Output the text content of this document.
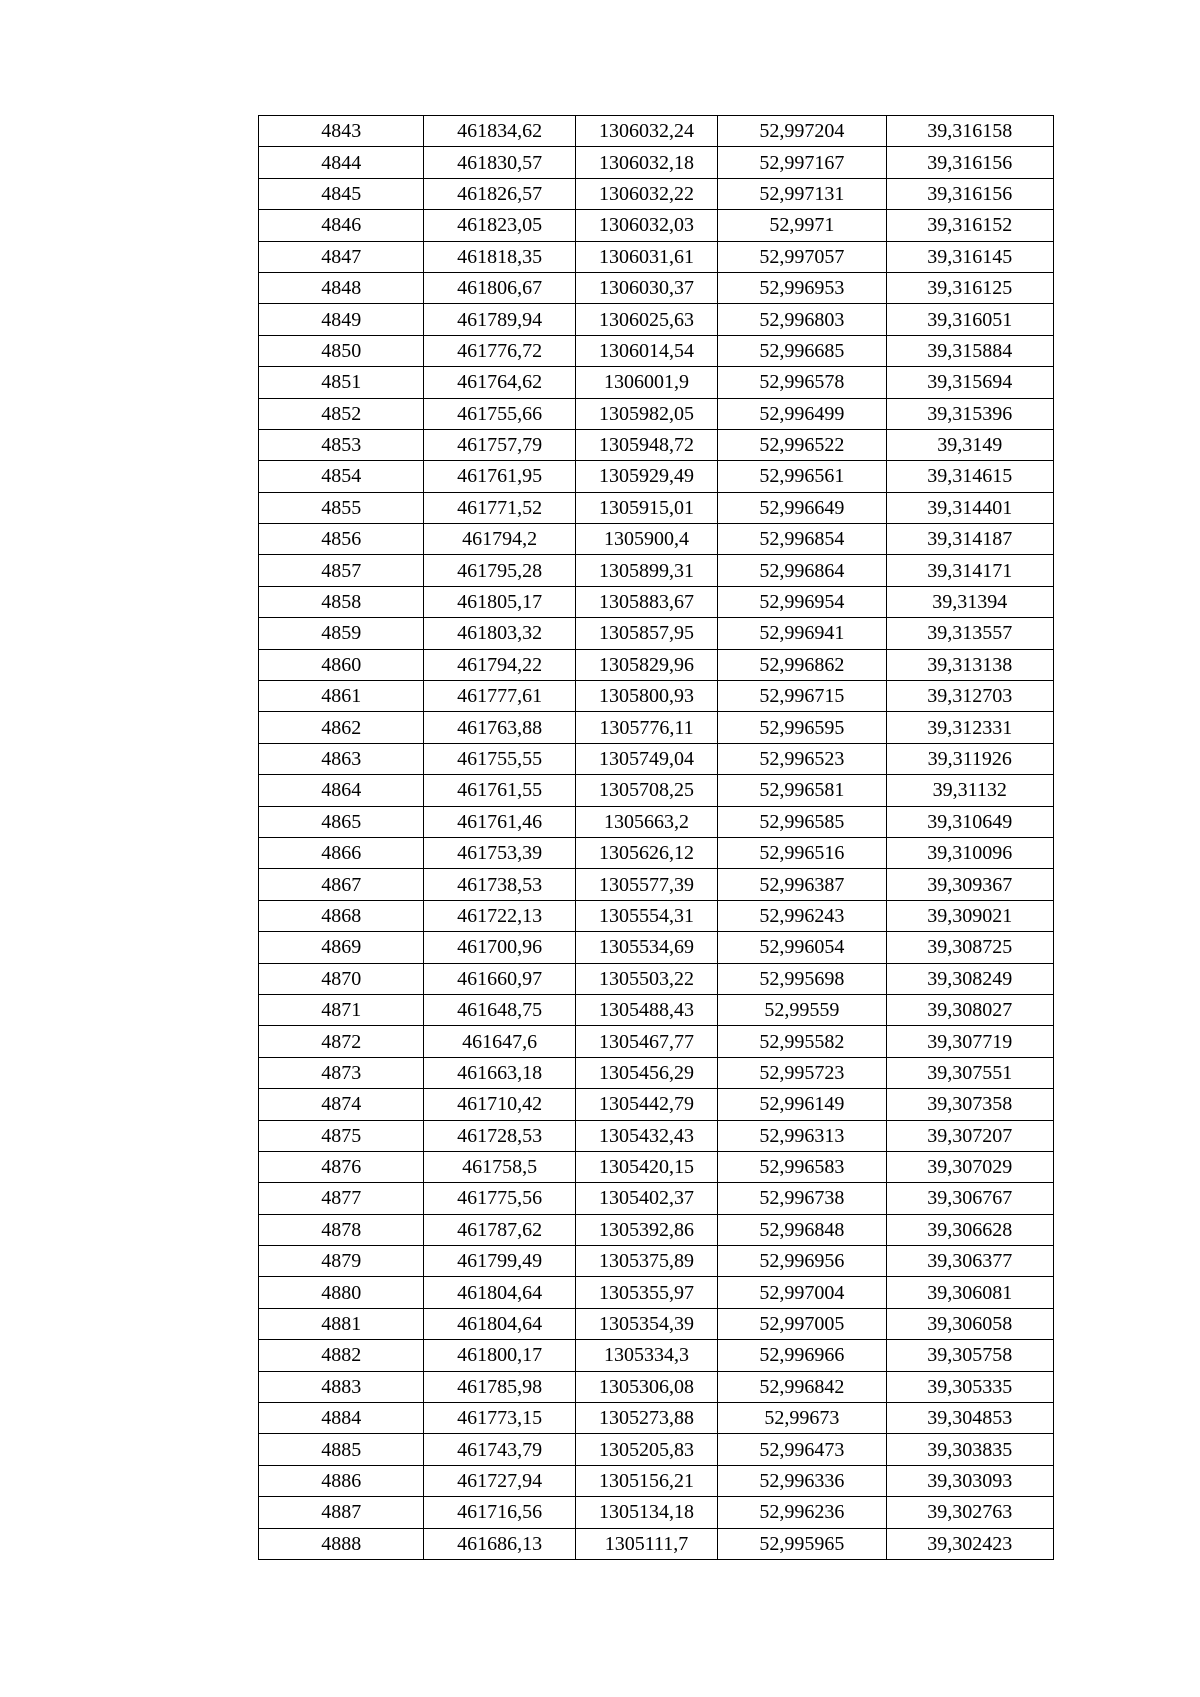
4843	461834,62	1306032,24	52,997204	39,316158
4844	461830,57	1306032,18	52,997167	39,316156
4845	461826,57	1306032,22	52,997131	39,316156
4846	461823,05	1306032,03	52,9971	39,316152
4847	461818,35	1306031,61	52,997057	39,316145
4848	461806,67	1306030,37	52,996953	39,316125
4849	461789,94	1306025,63	52,996803	39,316051
4850	461776,72	1306014,54	52,996685	39,315884
4851	461764,62	1306001,9	52,996578	39,315694
4852	461755,66	1305982,05	52,996499	39,315396
4853	461757,79	1305948,72	52,996522	39,3149
4854	461761,95	1305929,49	52,996561	39,314615
4855	461771,52	1305915,01	52,996649	39,314401
4856	461794,2	1305900,4	52,996854	39,314187
4857	461795,28	1305899,31	52,996864	39,314171
4858	461805,17	1305883,67	52,996954	39,31394
4859	461803,32	1305857,95	52,996941	39,313557
4860	461794,22	1305829,96	52,996862	39,313138
4861	461777,61	1305800,93	52,996715	39,312703
4862	461763,88	1305776,11	52,996595	39,312331
4863	461755,55	1305749,04	52,996523	39,311926
4864	461761,55	1305708,25	52,996581	39,31132
4865	461761,46	1305663,2	52,996585	39,310649
4866	461753,39	1305626,12	52,996516	39,310096
4867	461738,53	1305577,39	52,996387	39,309367
4868	461722,13	1305554,31	52,996243	39,309021
4869	461700,96	1305534,69	52,996054	39,308725
4870	461660,97	1305503,22	52,995698	39,308249
4871	461648,75	1305488,43	52,99559	39,308027
4872	461647,6	1305467,77	52,995582	39,307719
4873	461663,18	1305456,29	52,995723	39,307551
4874	461710,42	1305442,79	52,996149	39,307358
4875	461728,53	1305432,43	52,996313	39,307207
4876	461758,5	1305420,15	52,996583	39,307029
4877	461775,56	1305402,37	52,996738	39,306767
4878	461787,62	1305392,86	52,996848	39,306628
4879	461799,49	1305375,89	52,996956	39,306377
4880	461804,64	1305355,97	52,997004	39,306081
4881	461804,64	1305354,39	52,997005	39,306058
4882	461800,17	1305334,3	52,996966	39,305758
4883	461785,98	1305306,08	52,996842	39,305335
4884	461773,15	1305273,88	52,99673	39,304853
4885	461743,79	1305205,83	52,996473	39,303835
4886	461727,94	1305156,21	52,996336	39,303093
4887	461716,56	1305134,18	52,996236	39,302763
4888	461686,13	1305111,7	52,995965	39,302423
